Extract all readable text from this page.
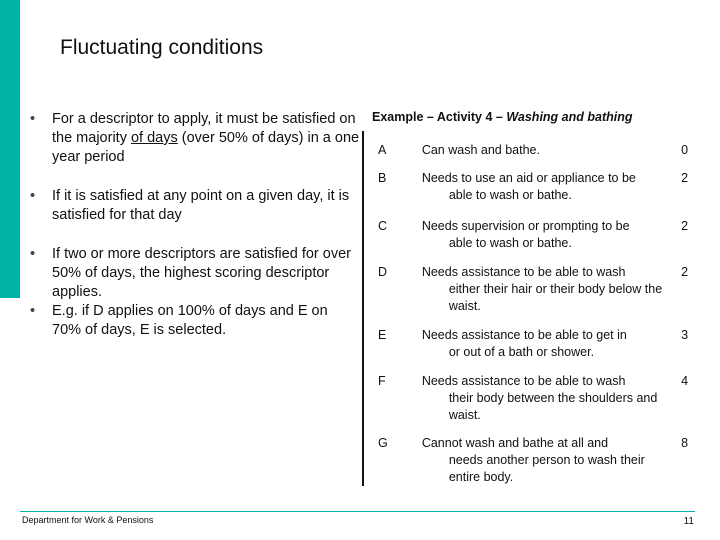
Fluctuating conditions
• For a descriptor to apply, it must be satisfied on the majority of days (over 50% of days) in a one year period
• If it is satisfied at any point on a given day, it is satisfied for that day
• If two or more descriptors are satisfied for over 50% of days, the highest scoring descriptor applies.
• E.g. if D applies on 100% of days and E on 70% of days, E is selected.
Example – Activity 4 – Washing and bathing
A	Can wash and bathe.	0
B	Needs to use an aid or appliance to be
able to wash or bathe.	2
C	Needs supervision or prompting to be
able to wash or bathe.	2
D	Needs assistance to be able to wash
either their hair or their body below the waist.	2
E	Needs assistance to be able to get in
or out of a bath or shower.	3
F	Needs assistance to be able to wash
their body between the shoulders and waist.	4
G	Cannot wash and bathe at all and
needs another person to wash their entire body.	8
Department for Work & Pensions	11
